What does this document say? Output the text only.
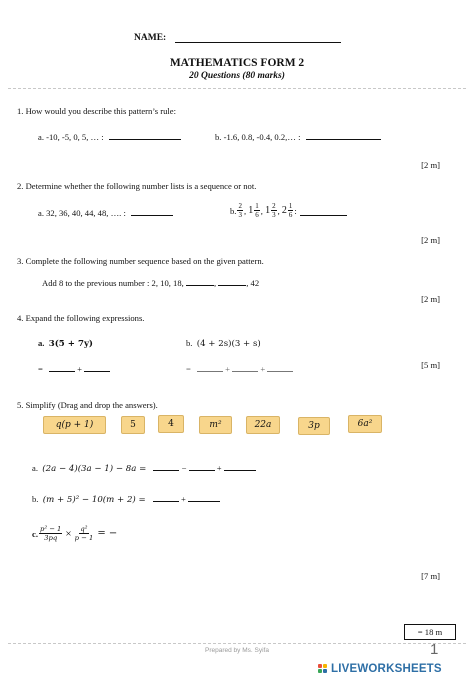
NAME:
MATHEMATICS FORM 2
20 Questions (80 marks)
1. How would you describe this pattern’s rule:
a. -10, -5, 0, 5, … :	b. -1.6, 0.8, -0.4, 0.2,… :
[2 m]
2. Determine whether the following number lists is a sequence or not.
a. 32, 36, 40, 44, 48, …. :	b. $\frac{2}{3}$ ,
$1 \frac{1}{6}$ ,
$1 \frac{2}{3}$ ,
$2 \frac{1}{6}$ :
[2 m]
3. Complete the following number sequence based on the given pattern.
Add 8 to the previous number : 2, 10, 18,	,	, 42
[2 m]
4. Expand the following expressions.
a. 3(5 + 7y)	b. (4 + 2s)(3 + s)
=	+	=	+	+	[5 m]
5. Simplify (Drag and drop the answers).
q(p + 1)	5	4	m²	22a	3p	6a²
a. (2a − 4)(3a − 1) − 8a =	−	+
b. (m + 5)² − 10(m + 2) =	+
c. $\frac{\text{p² − 1}}{3pq} \times \frac{\text{q²}}{p - 1}$ = −
[7 m]
= 18 m
Prepared by Ms. Syifa	1
LIVEWORKSHEETS
